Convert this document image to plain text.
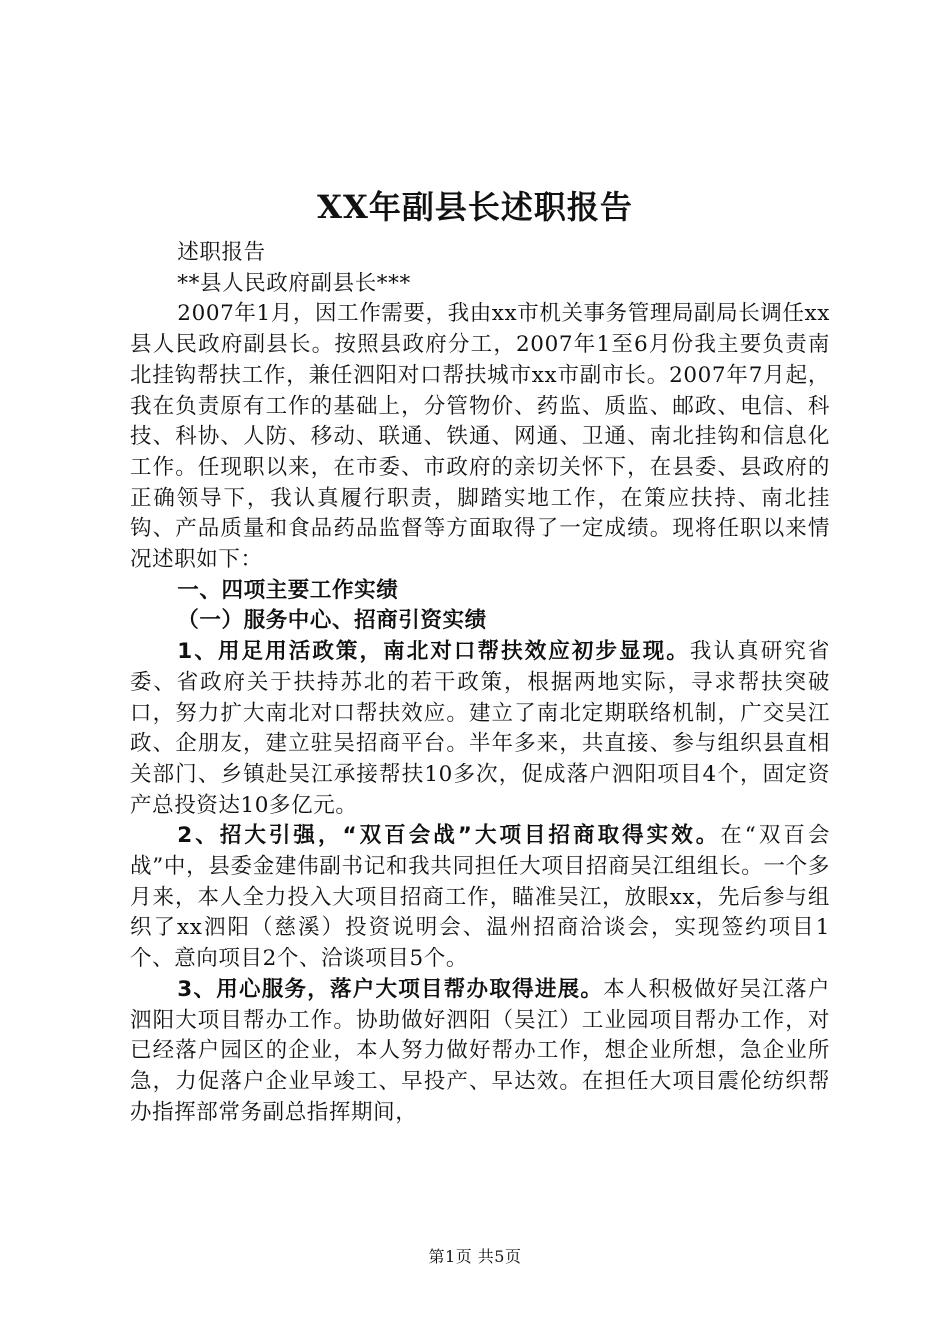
XX年副县长述职报告

述职报告

**县人民政府副县长***

2007年1月，因工作需要，我由xx市机关事务管理局副局长调任xx县人民政府副县长。按照县政府分工，2007年1至6月份我主要负责南北挂钩帮扶工作，兼任泗阳对口帮扶城市xx市副市长。2007年7月起，我在负责原有工作的基础上，分管物价、药监、质监、邮政、电信、科技、科协、人防、移动、联通、铁通、网通、卫通、南北挂钩和信息化工作。任现职以来，在市委、市政府的亲切关怀下，在县委、县政府的正确领导下，我认真履行职责，脚踏实地工作，在策应扶持、南北挂钩、产品质量和食品药品监督等方面取得了一定成绩。现将任职以来情况述职如下：

一、四项主要工作实绩

（一）服务中心、招商引资实绩

1、用足用活政策，南北对口帮扶效应初步显现。我认真研究省委、省政府关于扶持苏北的若干政策，根据两地实际，寻求帮扶突破口，努力扩大南北对口帮扶效应。建立了南北定期联络机制，广交吴江政、企朋友，建立驻吴招商平台。半年多来，共直接、参与组织县直相关部门、乡镇赴吴江承接帮扶10多次，促成落户泗阳项目4个，固定资产总投资达10多亿元。

2、招大引强，“双百会战”大项目招商取得实效。在“双百会战”中，县委金建伟副书记和我共同担任大项目招商吴江组组长。一个多月来，本人全力投入大项目招商工作，瞄准吴江，放眼xx，先后参与组织了xx泗阳（慈溪）投资说明会、温州招商洽谈会，实现签约项目1个、意向项目2个、洽谈项目5个。

3、用心服务，落户大项目帮办取得进展。本人积极做好吴江落户泗阳大项目帮办工作。协助做好泗阳（吴江）工业园项目帮办工作，对已经落户园区的企业，本人努力做好帮办工作，想企业所想，急企业所急，力促落户企业早竣工、早投产、早达效。在担任大项目震伦纺织帮办指挥部常务副总指挥期间，

第1页 共5页
